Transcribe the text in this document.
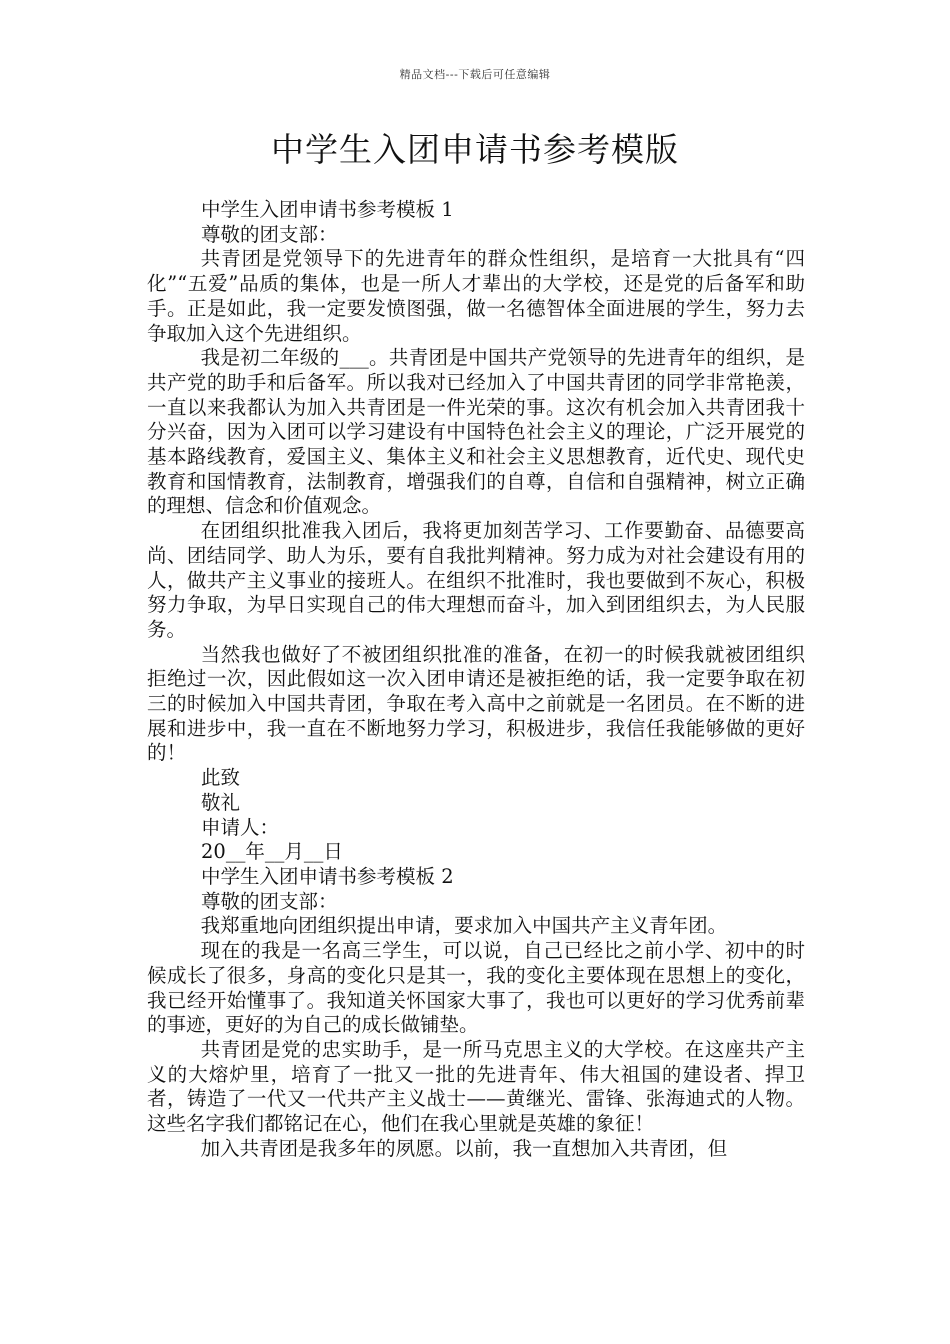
精品文档---下载后可任意编辑
中学生入团申请书参考模版

中学生入团申请书参考模板 1

尊敬的团支部：

共青团是党领导下的先进青年的群众性组织，是培育一大批具有“四化”“五爱”品质的集体，也是一所人才辈出的大学校，还是党的后备军和助手。正是如此，我一定要发愤图强，做一名德智体全面进展的学生，努力去争取加入这个先进组织。

我是初二年级的___。共青团是中国共产党领导的先进青年的组织，是共产党的助手和后备军。所以我对已经加入了中国共青团的同学非常艳羡，一直以来我都认为加入共青团是一件光荣的事。这次有机会加入共青团我十分兴奋，因为入团可以学习建设有中国特色社会主义的理论，广泛开展党的基本路线教育，爱国主义、集体主义和社会主义思想教育，近代史、现代史教育和国情教育，法制教育，增强我们的自尊，自信和自强精神，树立正确的理想、信念和价值观念。

在团组织批准我入团后，我将更加刻苦学习、工作要勤奋、品德要高尚、团结同学、助人为乐，要有自我批判精神。努力成为对社会建设有用的人，做共产主义事业的接班人。在组织不批准时，我也要做到不灰心，积极努力争取，为早日实现自己的伟大理想而奋斗，加入到团组织去，为人民服务。

当然我也做好了不被团组织批准的准备，在初一的时候我就被团组织拒绝过一次，因此假如这一次入团申请还是被拒绝的话，我一定要争取在初三的时候加入中国共青团，争取在考入高中之前就是一名团员。在不断的进展和进步中，我一直在不断地努力学习，积极进步，我信任我能够做的更好的！

此致

敬礼

申请人：

20__年__月__日

中学生入团申请书参考模板 2

尊敬的团支部：

我郑重地向团组织提出申请，要求加入中国共产主义青年团。

现在的我是一名高三学生，可以说，自己已经比之前小学、初中的时候成长了很多，身高的变化只是其一，我的变化主要体现在思想上的变化，我已经开始懂事了。我知道关怀国家大事了，我也可以更好的学习优秀前辈的事迹，更好的为自己的成长做铺垫。

共青团是党的忠实助手，是一所马克思主义的大学校。在这座共产主义的大熔炉里，培育了一批又一批的先进青年、伟大祖国的建设者、捍卫者，铸造了一代又一代共产主义战士——黄继光、雷锋、张海迪式的人物。这些名字我们都铭记在心，他们在我心里就是英雄的象征！

加入共青团是我多年的夙愿。以前，我一直想加入共青团，但
